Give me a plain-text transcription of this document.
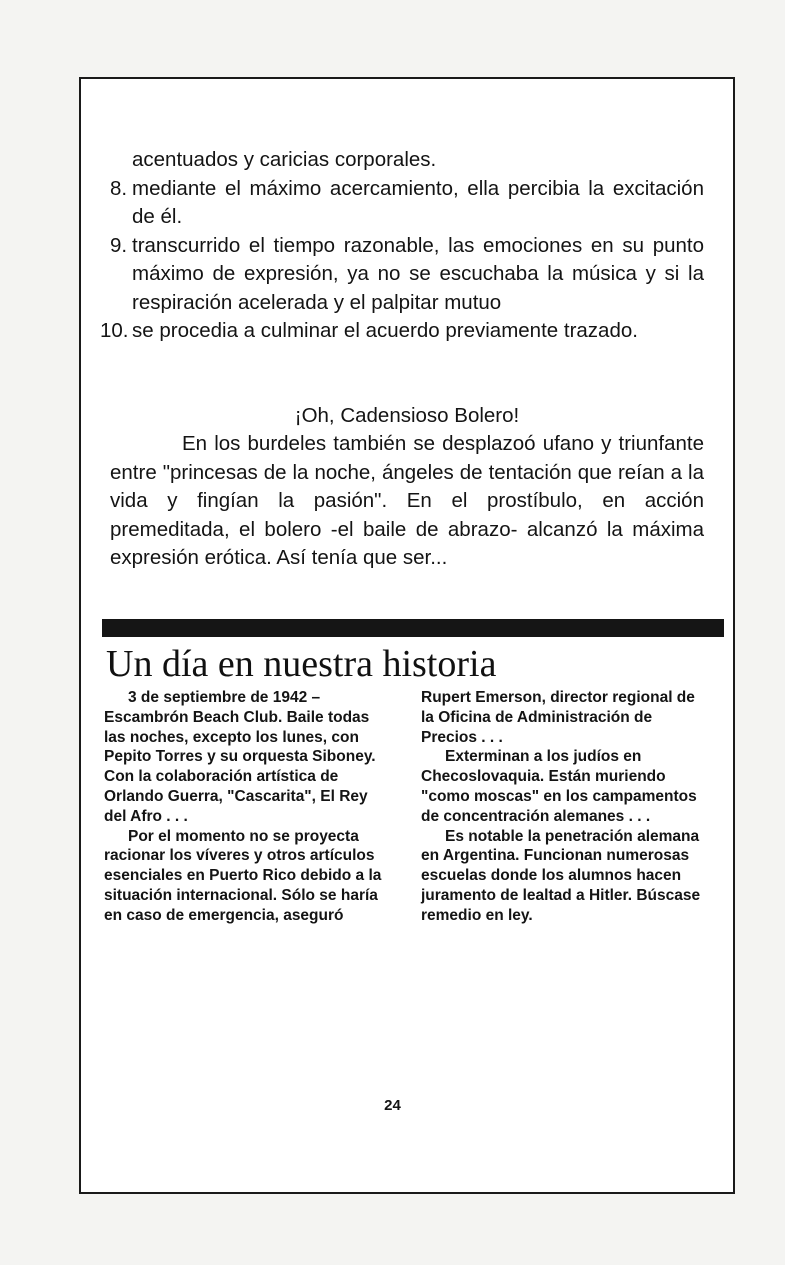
acentuados y caricias corporales.
8. mediante el máximo acercamiento, ella percibia la excitación de él.
9. transcurrido el tiempo razonable, las emociones en su punto máximo de expresión, ya no se escuchaba la música y si la respiración acelerada y el palpitar mutuo
10. se procedia a culminar el acuerdo previamente trazado.
¡Oh, Cadensioso Bolero!
En los burdeles también se desplazoó ufano y triunfante entre "princesas de la noche, ángeles de tentación que reían a la vida y fingían la pasión". En el prostíbulo, en acción premeditada, el bolero -el baile de abrazo- alcanzó la máxima expresión erótica. Así tenía que ser...
Un día en nuestra historia

3 de septiembre de 1942 – Escambrón Beach Club. Baile todas las noches, excepto los lunes, con Pepito Torres y su orquesta Siboney. Con la colaboración artística de Orlando Guerra, "Cascarita", El Rey del Afro . . .

Por el momento no se proyecta racionar los víveres y otros artículos esenciales en Puerto Rico debido a la situación internacional. Sólo se haría en caso de emergencia, aseguró

Rupert Emerson, director regional de la Oficina de Administración de Precios . . .

Exterminan a los judíos en Checoslovaquia. Están muriendo "como moscas" en los campamentos de concentración alemanes . . .

Es notable la penetración alemana en Argentina. Funcionan numerosas escuelas donde los alumnos hacen juramento de lealtad a Hitler. Búscase remedio en ley.

24
